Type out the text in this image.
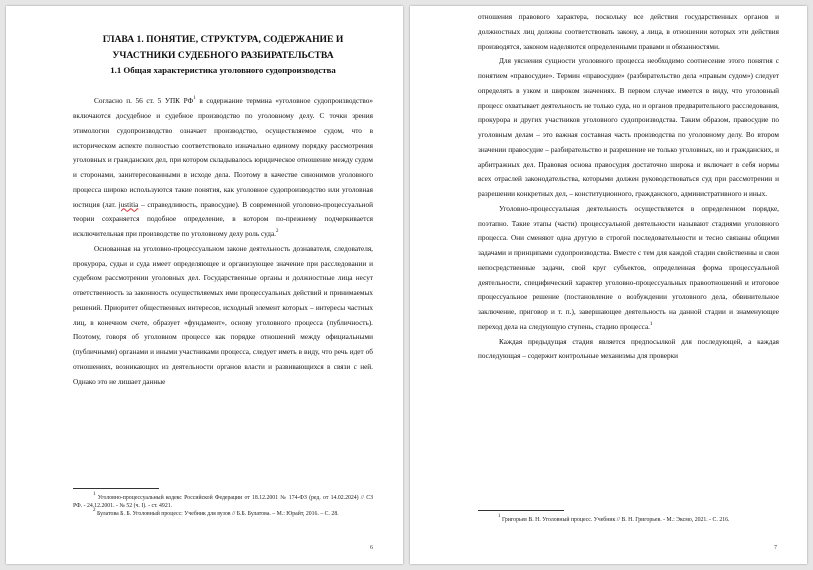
ГЛАВА 1. ПОНЯТИЕ, СТРУКТУРА, СОДЕРЖАНИЕ И УЧАСТНИКИ СУДЕБНОГО РАЗБИРАТЕЛЬСТВА

1.1 Общая характеристика уголовного судопроизводства

Согласно п. 56 ст. 5 УПК $РФ^1$ в содержание термина «уголовное судопроизводство» включаются досудебное и судебное производство по уголовному делу. С точки зрения этимологии судопроизводство означает производство, осуществляемое судом, что в историческом аспекте полностью соответствовало изначально единому порядку рассмотрения уголовных и гражданских дел, при котором складывалось юридическое отношение между судом и сторонами, заинтересованными в исходе дела. Поэтому в качестве синонимов уголовного процесса широко используются такие понятия, как уголовное судопроизводство или уголовная юстиция (лат. justitia – справедливость, правосудие). В современной уголовно-процессуальной теории сохраняется подобное определение, в котором по-прежнему подчеркивается исключительная при производстве по уголовному делу роль суда.$^2$

Основанная на уголовно-процессуальном законе деятельность дознавателя, следователя, прокурора, судьи и суда имеет определяющее и организующее значение при расследовании и судебном рассмотрении уголовных дел. Государственные органы и должностные лица несут ответственность за законность осуществляемых ими процессуальных действий и принимаемых решений. Приоритет общественных интересов, исходный элемент которых – интересы частных лиц, в конечном счете, образует «фундамент», основу уголовного процесса (публичность). Поэтому, говоря об уголовном процессе как порядке отношений между официальными (публичными) органами и иными участниками процесса, следует иметь в виду, что речь идет об отношениях, возникающих из деятельности органов власти и развивающихся в связи с ней. Однако это не лишает данные

$^1$ Уголовно-процессуальный кодекс Российской Федерации от 18.12.2001 № 174-ФЗ (ред. от 14.02.2024) // СЗ РФ. - 24.12.2001. - № 52 (ч. I). - ст. 4921.

$^2$ Булатова Б. Б. Уголовный процесс: Учебник для вузов // Б.Б. Булатова. – М.: Юрайт, 2016. – С. 28.

6

отношения правового характера, поскольку все действия государственных органов и должностных лиц должны соответствовать закону, а лица, в отношении которых эти действия производятся, законом наделяются определенными правами и обязанностями.

Для уяснения сущности уголовного процесса необходимо соотнесение этого понятия с понятием «правосудие». Термин «правосудие» (разбирательство дела «правым судом») следует определять в узком и широком значениях. В первом случае имеется в виду, что уголовный процесс охватывает деятельность не только суда, но и органов предварительного расследования, прокурора и других участников уголовного судопроизводства. Таким образом, правосудие по уголовным делам – это важная составная часть производства по уголовному делу. Во втором значении правосудие – разбирательство и разрешение не только уголовных, но и гражданских, и арбитражных дел. Правовая основа правосудия достаточно широка и включает в себя нормы всех отраслей законодательства, которыми должен руководствоваться суд при рассмотрении и разрешении конкретных дел, – конституционного, гражданского, административного и иных.

Уголовно-процессуальная деятельность осуществляется в определенном порядке, поэтапно. Такие этапы (части) процессуальной деятельности называют стадиями уголовного процесса. Они сменяют одна другую в строгой последовательности и тесно связаны общими задачами и принципами судопроизводства. Вместе с тем для каждой стадии свойственны и свои непосредственные задачи, свой круг субъектов, определенная форма процессуальной деятельности, специфический характер уголовно-процессуальных правоотношений и итоговое процессуальное решение (постановление о возбуждении уголовного дела, обвинительное заключение, приговор и т. п.), завершающее деятельность на данной стадии и знаменующее переход дела на следующую ступень, стадию процесса.$^1$

Каждая предыдущая стадия является предпосылкой для последующей, а каждая последующая – содержит контрольные механизмы для проверки

$^1$ Григорьев В. Н. Уголовный процесс. Учебник // В. Н. Григорьев. - М.: Эксмо, 2021. - С. 216.

7
